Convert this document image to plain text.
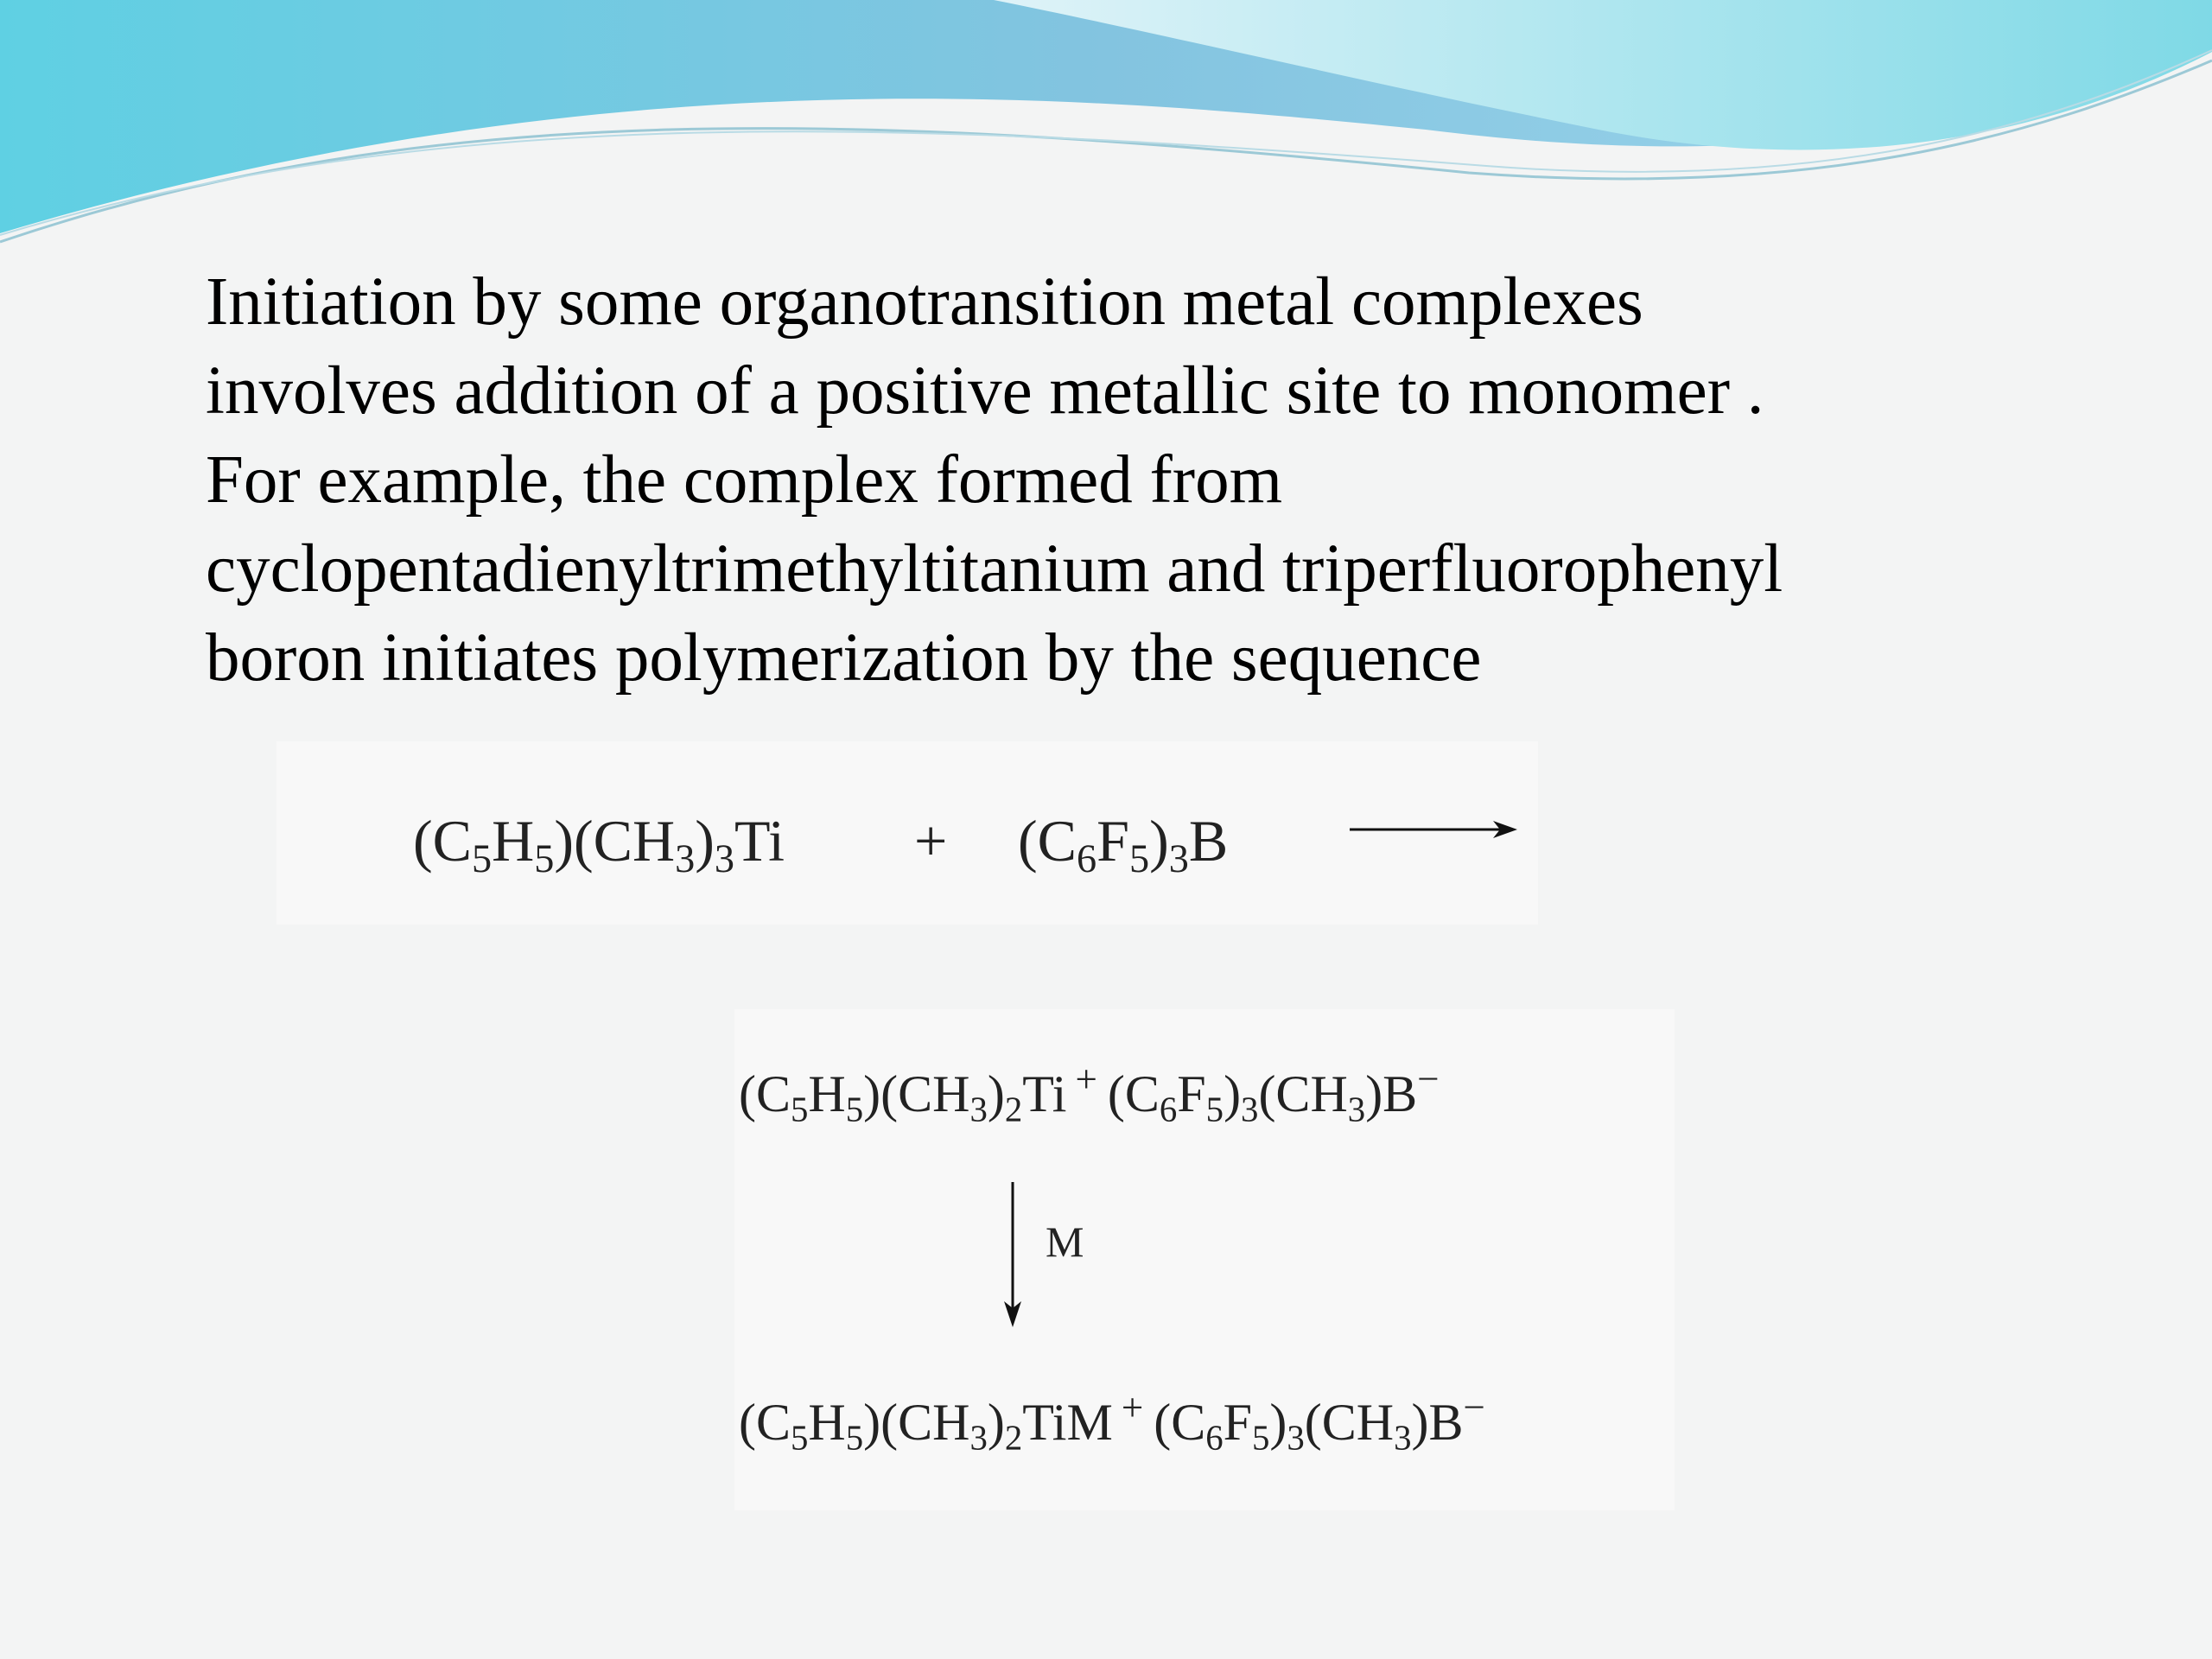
Initiation by some organotransition metal complexes
involves addition of a positive metallic site to monomer .
For example, the complex formed from
cyclopentadienyltrimethyltitanium and triperfluorophenyl
boron initiates polymerization by the sequence
$(C_5H_5)(CH_3)_3Ti + (C_6F_5)_3B$
$(C_5H_5)(CH_3)_2Ti$ + $(C_6F_5)_3(CH_3)B^-$
M
$(C_5H_5)(CH_3)_2TiM$ + $(C_6F_5)_3(CH_3)B^-$
